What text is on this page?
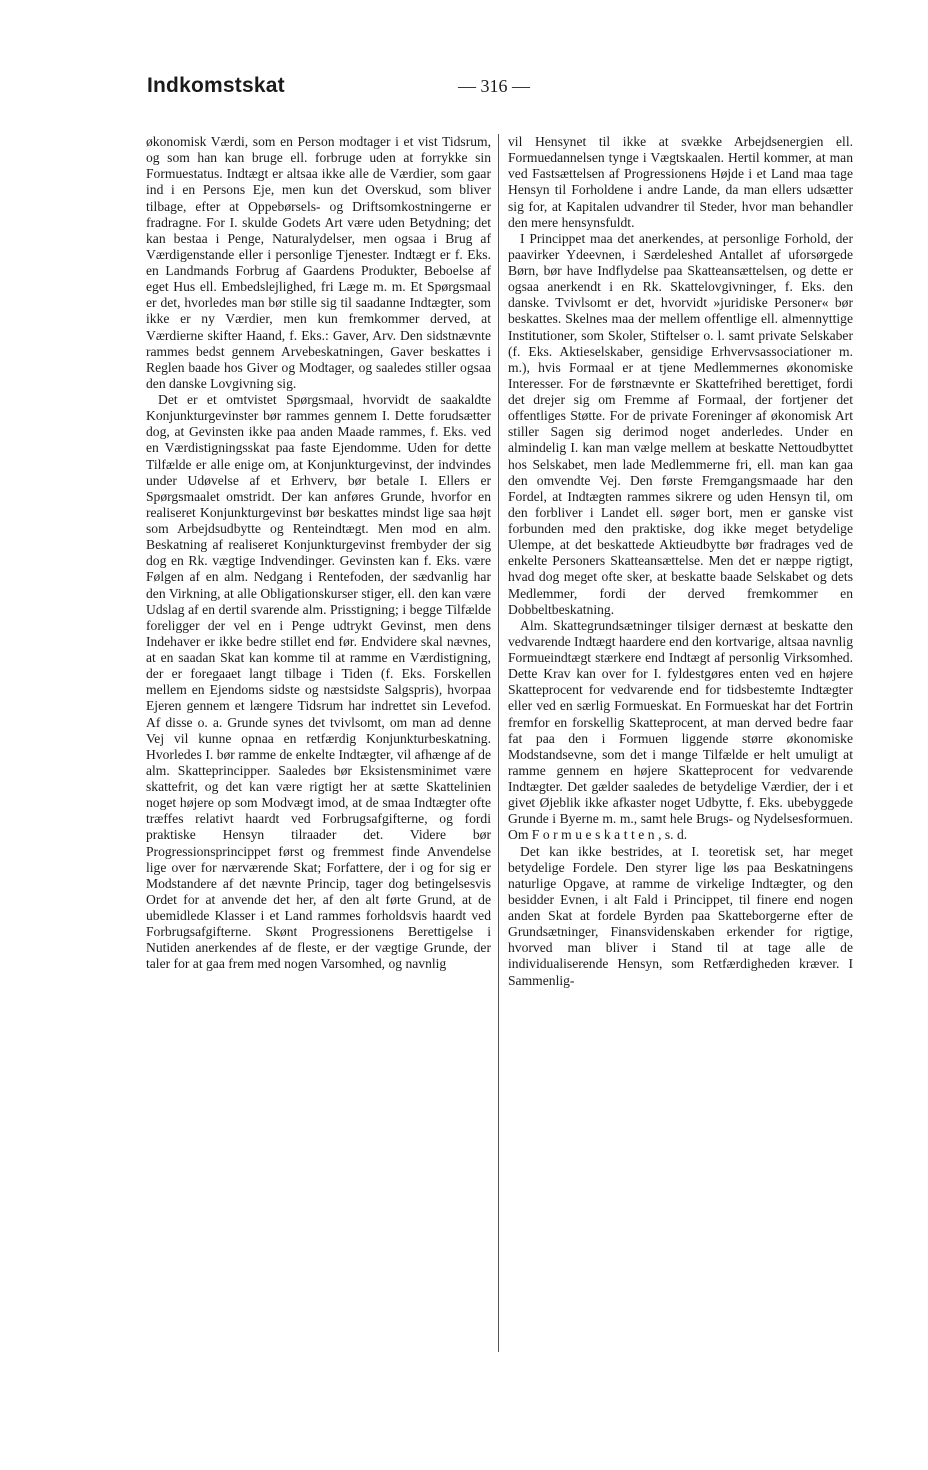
Indkomstskat	— 316 —

økonomisk Værdi, som en Person modtager i et vist Tidsrum, og som han kan bruge ell. forbruge uden at forrykke sin Formuestatus. Indtægt er altsaa ikke alle de Værdier, som gaar ind i en Persons Eje, men kun det Overskud, som bliver tilbage, efter at Oppebørsels- og Driftsomkostningerne er fradragne. For I. skulde Godets Art være uden Betydning; det kan bestaa i Penge, Naturalydelser, men ogsaa i Brug af Værdigenstande eller i personlige Tjenester. Indtægt er f. Eks. en Landmands Forbrug af Gaardens Produkter, Beboelse af eget Hus ell. Embedslejlighed, fri Læge m. m. Et Spørgsmaal er det, hvorledes man bør stille sig til saadanne Indtægter, som ikke er ny Værdier, men kun fremkommer derved, at Værdierne skifter Haand, f. Eks.: Gaver, Arv. Den sidstnævnte rammes bedst gennem Arvebeskatningen, Gaver beskattes i Reglen baade hos Giver og Modtager, og saaledes stiller ogsaa den danske Lovgivning sig.

Det er et omtvistet Spørgsmaal, hvorvidt de saakaldte Konjunkturgevinster bør rammes gennem I. Dette forudsætter dog, at Gevinsten ikke paa anden Maade rammes, f. Eks. ved en Værdistigningsskat paa faste Ejendomme. Uden for dette Tilfælde er alle enige om, at Konjunkturgevinst, der indvindes under Udøvelse af et Erhverv, bør betale I. Ellers er Spørgsmaalet omstridt. Der kan anføres Grunde, hvorfor en realiseret Konjunkturgevinst bør beskattes mindst lige saa højt som Arbejdsudbytte og Renteindtægt. Men mod en alm. Beskatning af realiseret Konjunkturgevinst frembyder der sig dog en Rk. vægtige Indvendinger. Gevinsten kan f. Eks. være Følgen af en alm. Nedgang i Rentefoden, der sædvanlig har den Virkning, at alle Obligationskurser stiger, ell. den kan være Udslag af en dertil svarende alm. Prisstigning; i begge Tilfælde foreligger der vel en i Penge udtrykt Gevinst, men dens Indehaver er ikke bedre stillet end før. Endvidere skal nævnes, at en saadan Skat kan komme til at ramme en Værdistigning, der er foregaaet langt tilbage i Tiden (f. Eks. Forskellen mellem en Ejendoms sidste og næstsidste Salgspris), hvorpaa Ejeren gennem et længere Tidsrum har indrettet sin Levefod. Af disse o. a. Grunde synes det tvivlsomt, om man ad denne Vej vil kunne opnaa en retfærdig Konjunkturbeskatning. Hvorledes I. bør ramme de enkelte Indtægter, vil afhænge af de alm. Skatteprincipper. Saaledes bør Eksistensminimet være skattefrit, og det kan være rigtigt her at sætte Skattelinien noget højere op som Modvægt imod, at de smaa Indtægter ofte træffes relativt haardt ved Forbrugsafgifterne, og fordi praktiske Hensyn tilraader det. Videre bør Progressionsprincippet først og fremmest finde Anvendelse lige over for nærværende Skat; Forfattere, der i og for sig er Modstandere af det nævnte Princip, tager dog betingelsesvis Ordet for at anvende det her, af den alt førte Grund, at de ubemidlede Klasser i et Land rammes forholdsvis haardt ved Forbrugsafgifterne. Skønt Progressionens Berettigelse i Nutiden anerkendes af de fleste, er der vægtige Grunde, der taler for at gaa frem med nogen Varsomhed, og navnlig

vil Hensynet til ikke at svække Arbejdsenergien ell. Formuedannelsen tynge i Vægtskaalen. Hertil kommer, at man ved Fastsættelsen af Progressionens Højde i et Land maa tage Hensyn til Forholdene i andre Lande, da man ellers udsætter sig for, at Kapitalen udvandrer til Steder, hvor man behandler den mere hensynsfuldt.

I Princippet maa det anerkendes, at personlige Forhold, der paavirker Ydeevnen, i Særdeleshed Antallet af uforsørgede Børn, bør have Indflydelse paa Skatteansættelsen, og dette er ogsaa anerkendt i en Rk. Skattelovgivninger, f. Eks. den danske. Tvivlsomt er det, hvorvidt »juridiske Personer« bør beskattes. Skelnes maa der mellem offentlige ell. almennyttige Institutioner, som Skoler, Stiftelser o. l. samt private Selskaber (f. Eks. Aktieselskaber, gensidige Erhvervsassociationer m. m.), hvis Formaal er at tjene Medlemmernes økonomiske Interesser. For de førstnævnte er Skattefrihed berettiget, fordi det drejer sig om Fremme af Formaal, der fortjener det offentliges Støtte. For de private Foreninger af økonomisk Art stiller Sagen sig derimod noget anderledes. Under en almindelig I. kan man vælge mellem at beskatte Nettoudbyttet hos Selskabet, men lade Medlemmerne fri, ell. man kan gaa den omvendte Vej. Den første Fremgangsmaade har den Fordel, at Indtægten rammes sikrere og uden Hensyn til, om den forbliver i Landet ell. søger bort, men er ganske vist forbunden med den praktiske, dog ikke meget betydelige Ulempe, at det beskattede Aktieudbytte bør fradrages ved de enkelte Personers Skatteansættelse. Men det er næppe rigtigt, hvad dog meget ofte sker, at beskatte baade Selskabet og dets Medlemmer, fordi der derved fremkommer en Dobbeltbeskatning.

Alm. Skattegrundsætninger tilsiger dernæst at beskatte den vedvarende Indtægt haardere end den kortvarige, altsaa navnlig Formueindtægt stærkere end Indtægt af personlig Virksomhed. Dette Krav kan over for I. fyldestgøres enten ved en højere Skatteprocent for vedvarende end for tidsbestemte Indtægter eller ved en særlig Formueskat. En Formueskat har det Fortrin fremfor en forskellig Skatteprocent, at man derved bedre faar fat paa den i Formuen liggende større økonomiske Modstandsevne, som det i mange Tilfælde er helt umuligt at ramme gennem en højere Skatteprocent for vedvarende Indtægter. Det gælder saaledes de betydelige Værdier, der i et givet Øjeblik ikke afkaster noget Udbytte, f. Eks. ubebyggede Grunde i Byerne m. m., samt hele Brugs- og Nydelsesformuen. Om Formueskatten, s. d.

Det kan ikke bestrides, at I. teoretisk set, har meget betydelige Fordele. Den styrer lige løs paa Beskatningens naturlige Opgave, at ramme de virkelige Indtægter, og den besidder Evnen, i alt Fald i Princippet, til finere end nogen anden Skat at fordele Byrden paa Skatteborgerne efter de Grundsætninger, Finansvidenskaben erkender for rigtige, hvorved man bliver i Stand til at tage alle de individualiserende Hensyn, som Retfærdigheden kræver. I Sammenlig-
